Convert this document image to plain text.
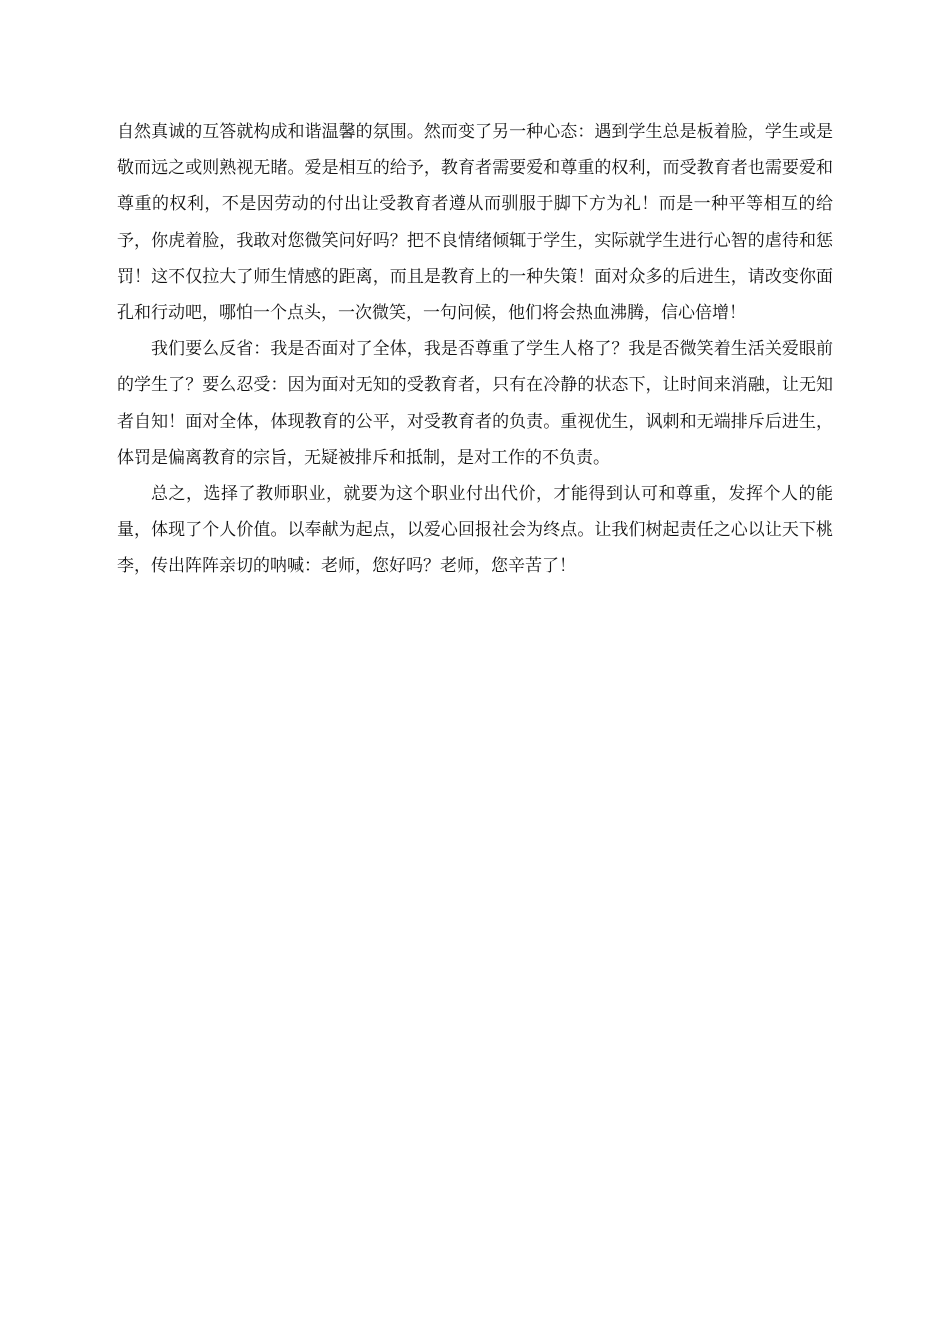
自然真诚的互答就构成和谐温馨的氛围。然而变了另一种心态：遇到学生总是板着脸，学生或是敬而远之或则熟视无睹。爱是相互的给予，教育者需要爱和尊重的权利，而受教育者也需要爱和尊重的权利，不是因劳动的付出让受教育者遵从而驯服于脚下方为礼！而是一种平等相互的给予，你虎着脸，我敢对您微笑问好吗？把不良情绪倾辄于学生，实际就学生进行心智的虐待和惩罚！这不仅拉大了师生情感的距离，而且是教育上的一种失策！面对众多的后进生，请改变你面孔和行动吧，哪怕一个点头，一次微笑，一句问候，他们将会热血沸腾，信心倍增！

我们要么反省：我是否面对了全体，我是否尊重了学生人格了？我是否微笑着生活关爱眼前的学生了？要么忍受：因为面对无知的受教育者，只有在冷静的状态下，让时间来消融，让无知者自知！面对全体，体现教育的公平，对受教育者的负责。重视优生，讽刺和无端排斥后进生，体罚是偏离教育的宗旨，无疑被排斥和抵制，是对工作的不负责。

总之，选择了教师职业，就要为这个职业付出代价，才能得到认可和尊重，发挥个人的能量，体现了个人价值。以奉献为起点，以爱心回报社会为终点。让我们树起责任之心以让天下桃李，传出阵阵亲切的呐喊：老师，您好吗？老师，您辛苦了！
